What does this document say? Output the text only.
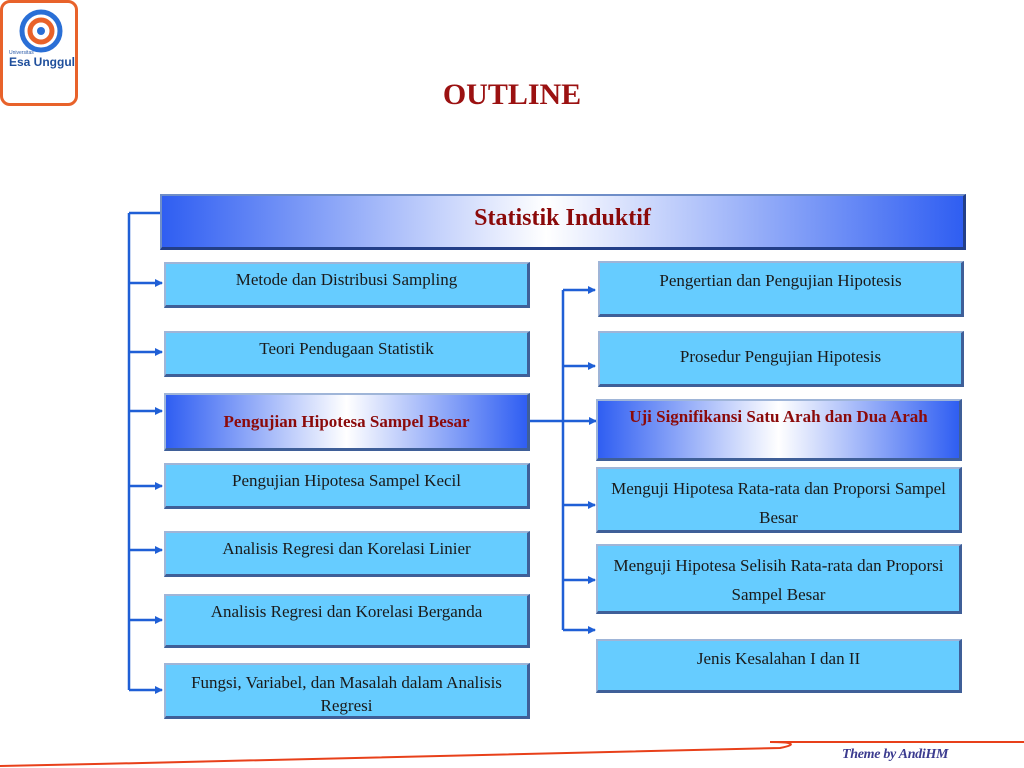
Universitas
Esa Unggul
OUTLINE
Statistik Induktif
Metode dan Distribusi Sampling
Teori Pendugaan Statistik
Pengujian Hipotesa Sampel Besar
Pengujian Hipotesa Sampel Kecil
Analisis Regresi dan Korelasi Linier
Analisis Regresi dan Korelasi Berganda
Fungsi, Variabel, dan Masalah dalam Analisis Regresi
Pengertian dan Pengujian Hipotesis
Prosedur Pengujian Hipotesis
Uji Signifikansi Satu Arah dan Dua Arah
Menguji Hipotesa Rata-rata dan Proporsi Sampel Besar
Menguji Hipotesa Selisih Rata-rata dan Proporsi Sampel Besar
Jenis Kesalahan I dan II
Theme by AndiHM
